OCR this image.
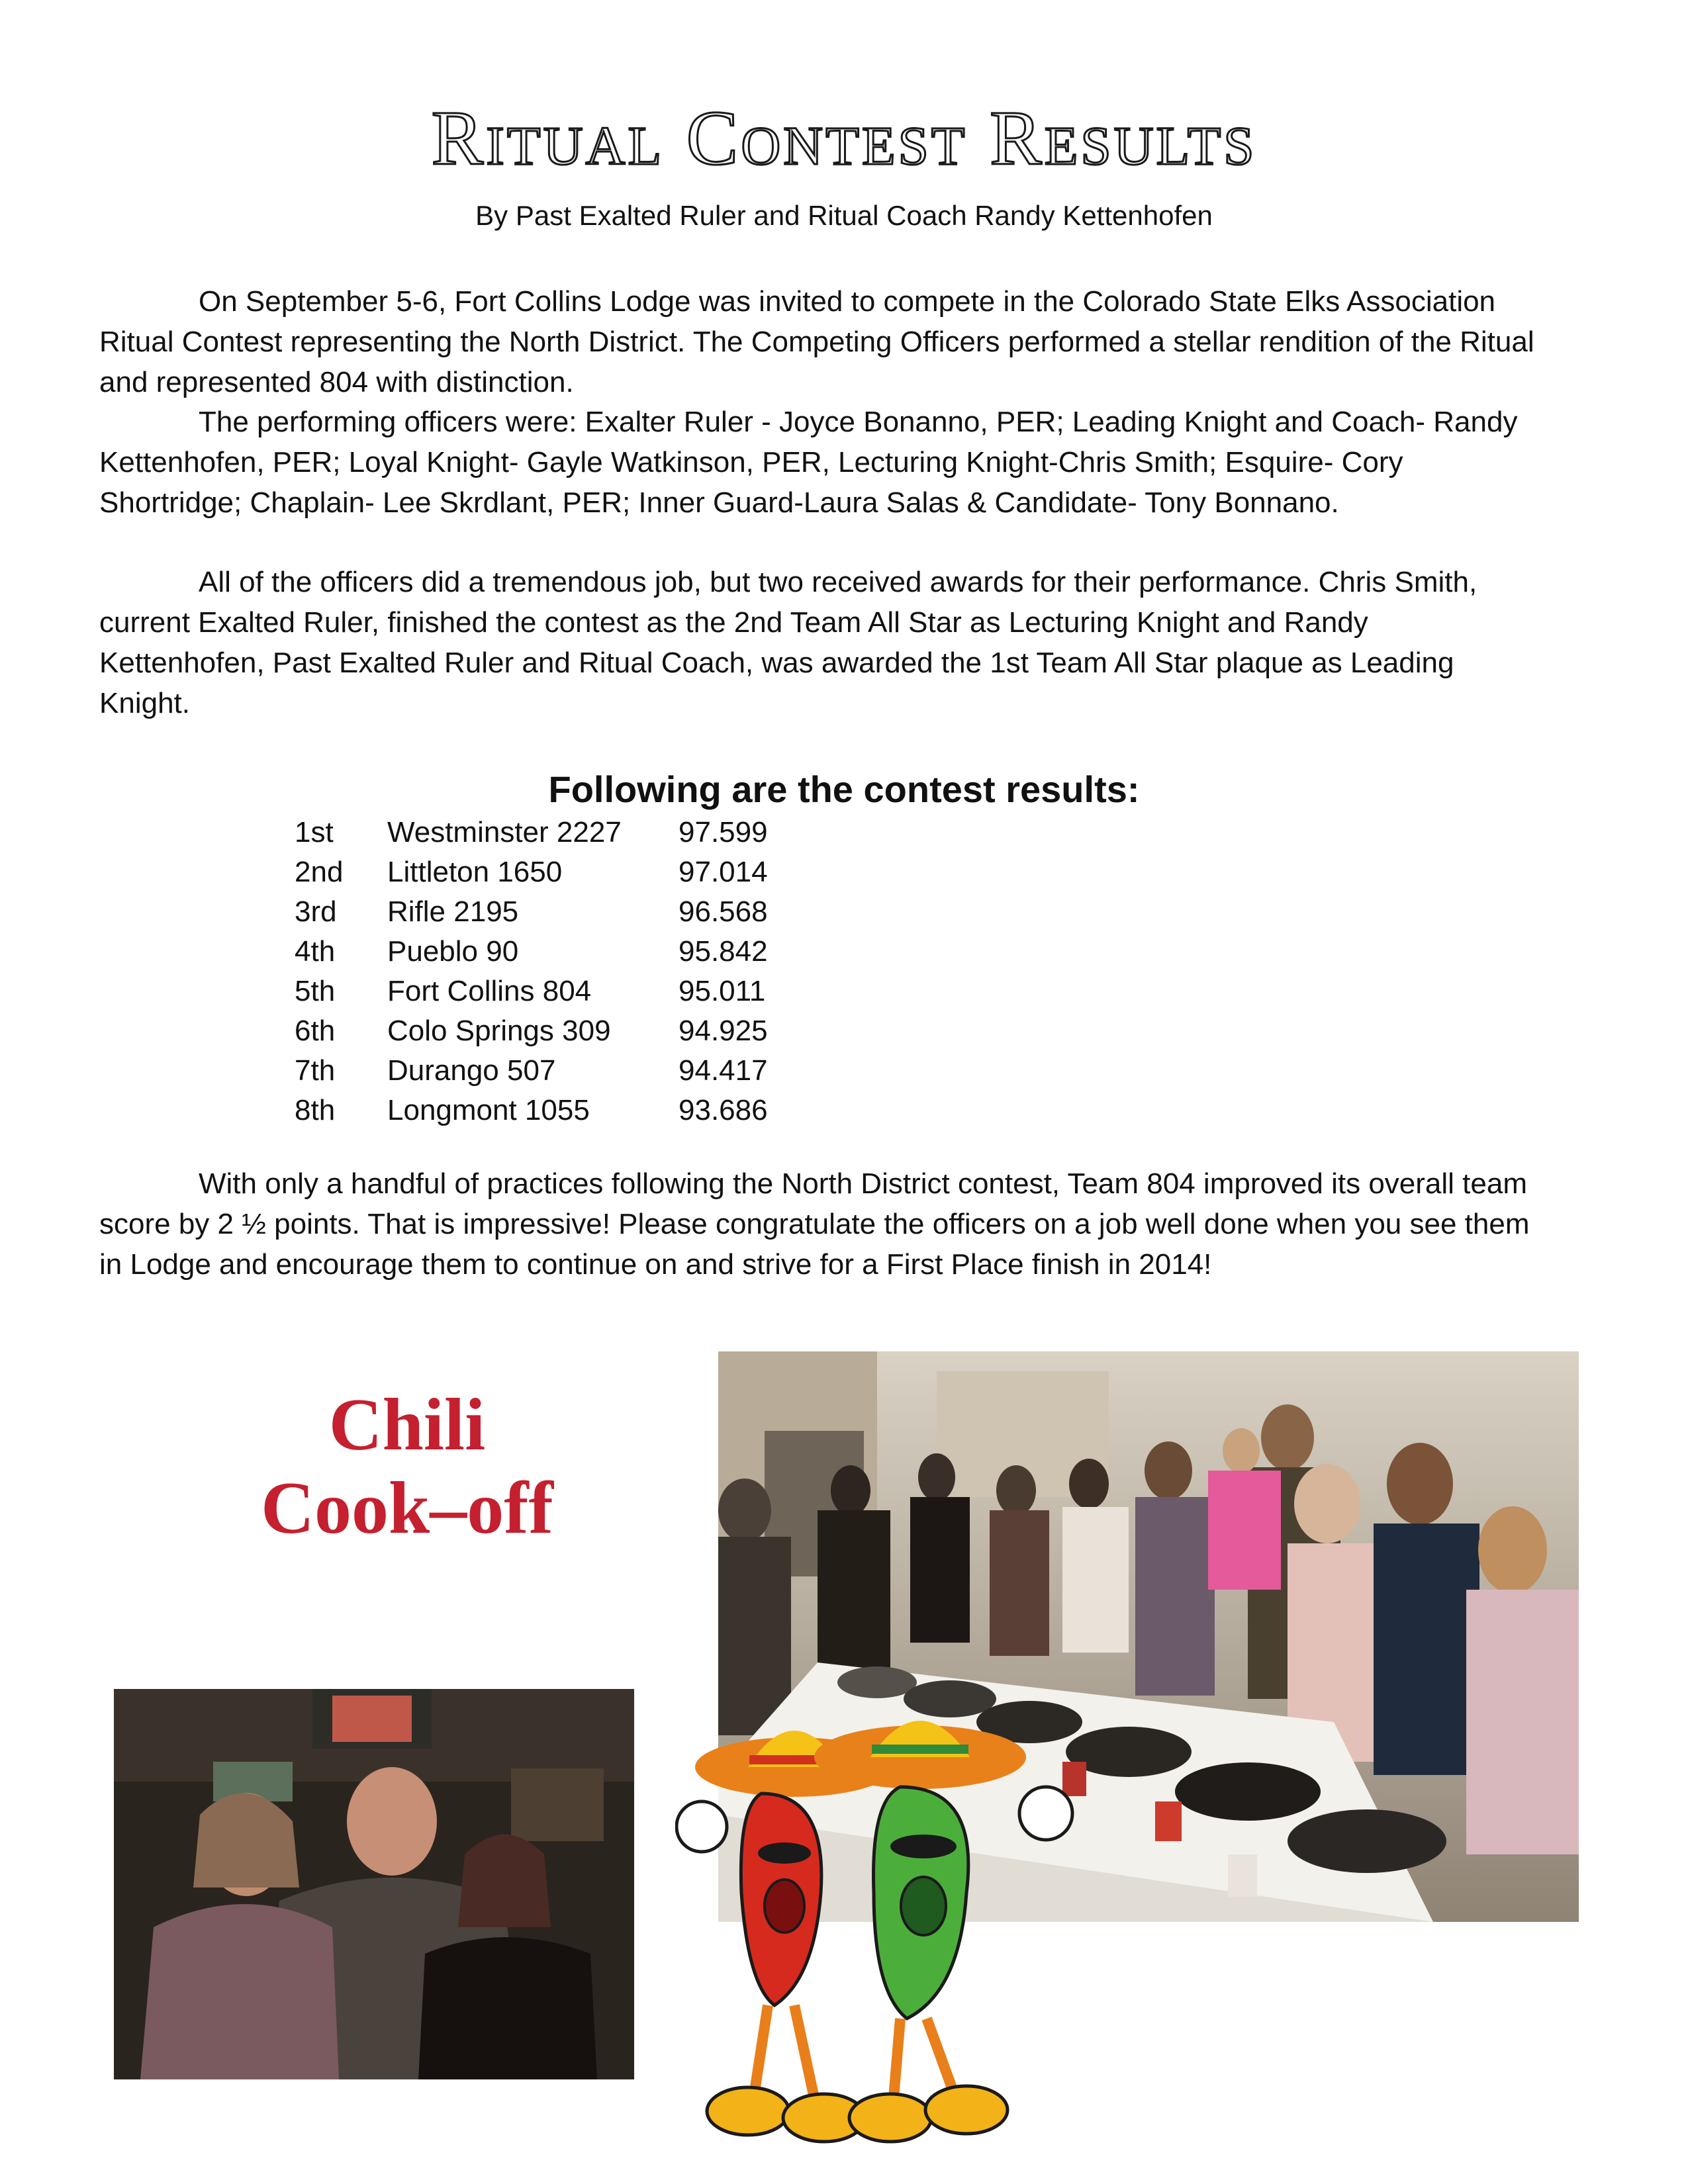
Ritual Contest Results

By Past Exalted Ruler and Ritual Coach Randy Kettenhofen

On September 5-6, Fort Collins Lodge was invited to compete in the Colorado State Elks Association Ritual Contest representing the North District. The Competing Officers performed a stellar rendition of the Ritual and represented 804 with distinction.

The performing officers were: Exalter Ruler - Joyce Bonanno, PER; Leading Knight and Coach- Randy Kettenhofen, PER; Loyal Knight- Gayle Watkinson, PER, Lecturing Knight-Chris Smith; Esquire- Cory Shortridge; Chaplain- Lee Skrdlant, PER; Inner Guard-Laura Salas & Candidate- Tony Bonnano.

All of the officers did a tremendous job, but two received awards for their performance. Chris Smith, current Exalted Ruler, finished the contest as the 2nd Team All Star as Lecturing Knight and Randy Kettenhofen, Past Exalted Ruler and Ritual Coach, was awarded the 1st Team All Star plaque as Leading Knight.

Following are the contest results:
1st Westminster 2227 97.599
2nd Littleton 1650	97.014
3rd Rifle 2195	96.568
4th Pueblo 90	95.842
5th Fort Collins 804	95.011
6th Colo Springs 309 94.925
7th Durango 507	94.417
8th Longmont 1055	93.686

With only a handful of practices following the North District contest, Team 804 improved its overall team score by 2 ½ points. That is impressive! Please congratulate the officers on a job well done when you see them in Lodge and encourage them to continue on and strive for a First Place finish in 2014!

Chili
Cook–off
